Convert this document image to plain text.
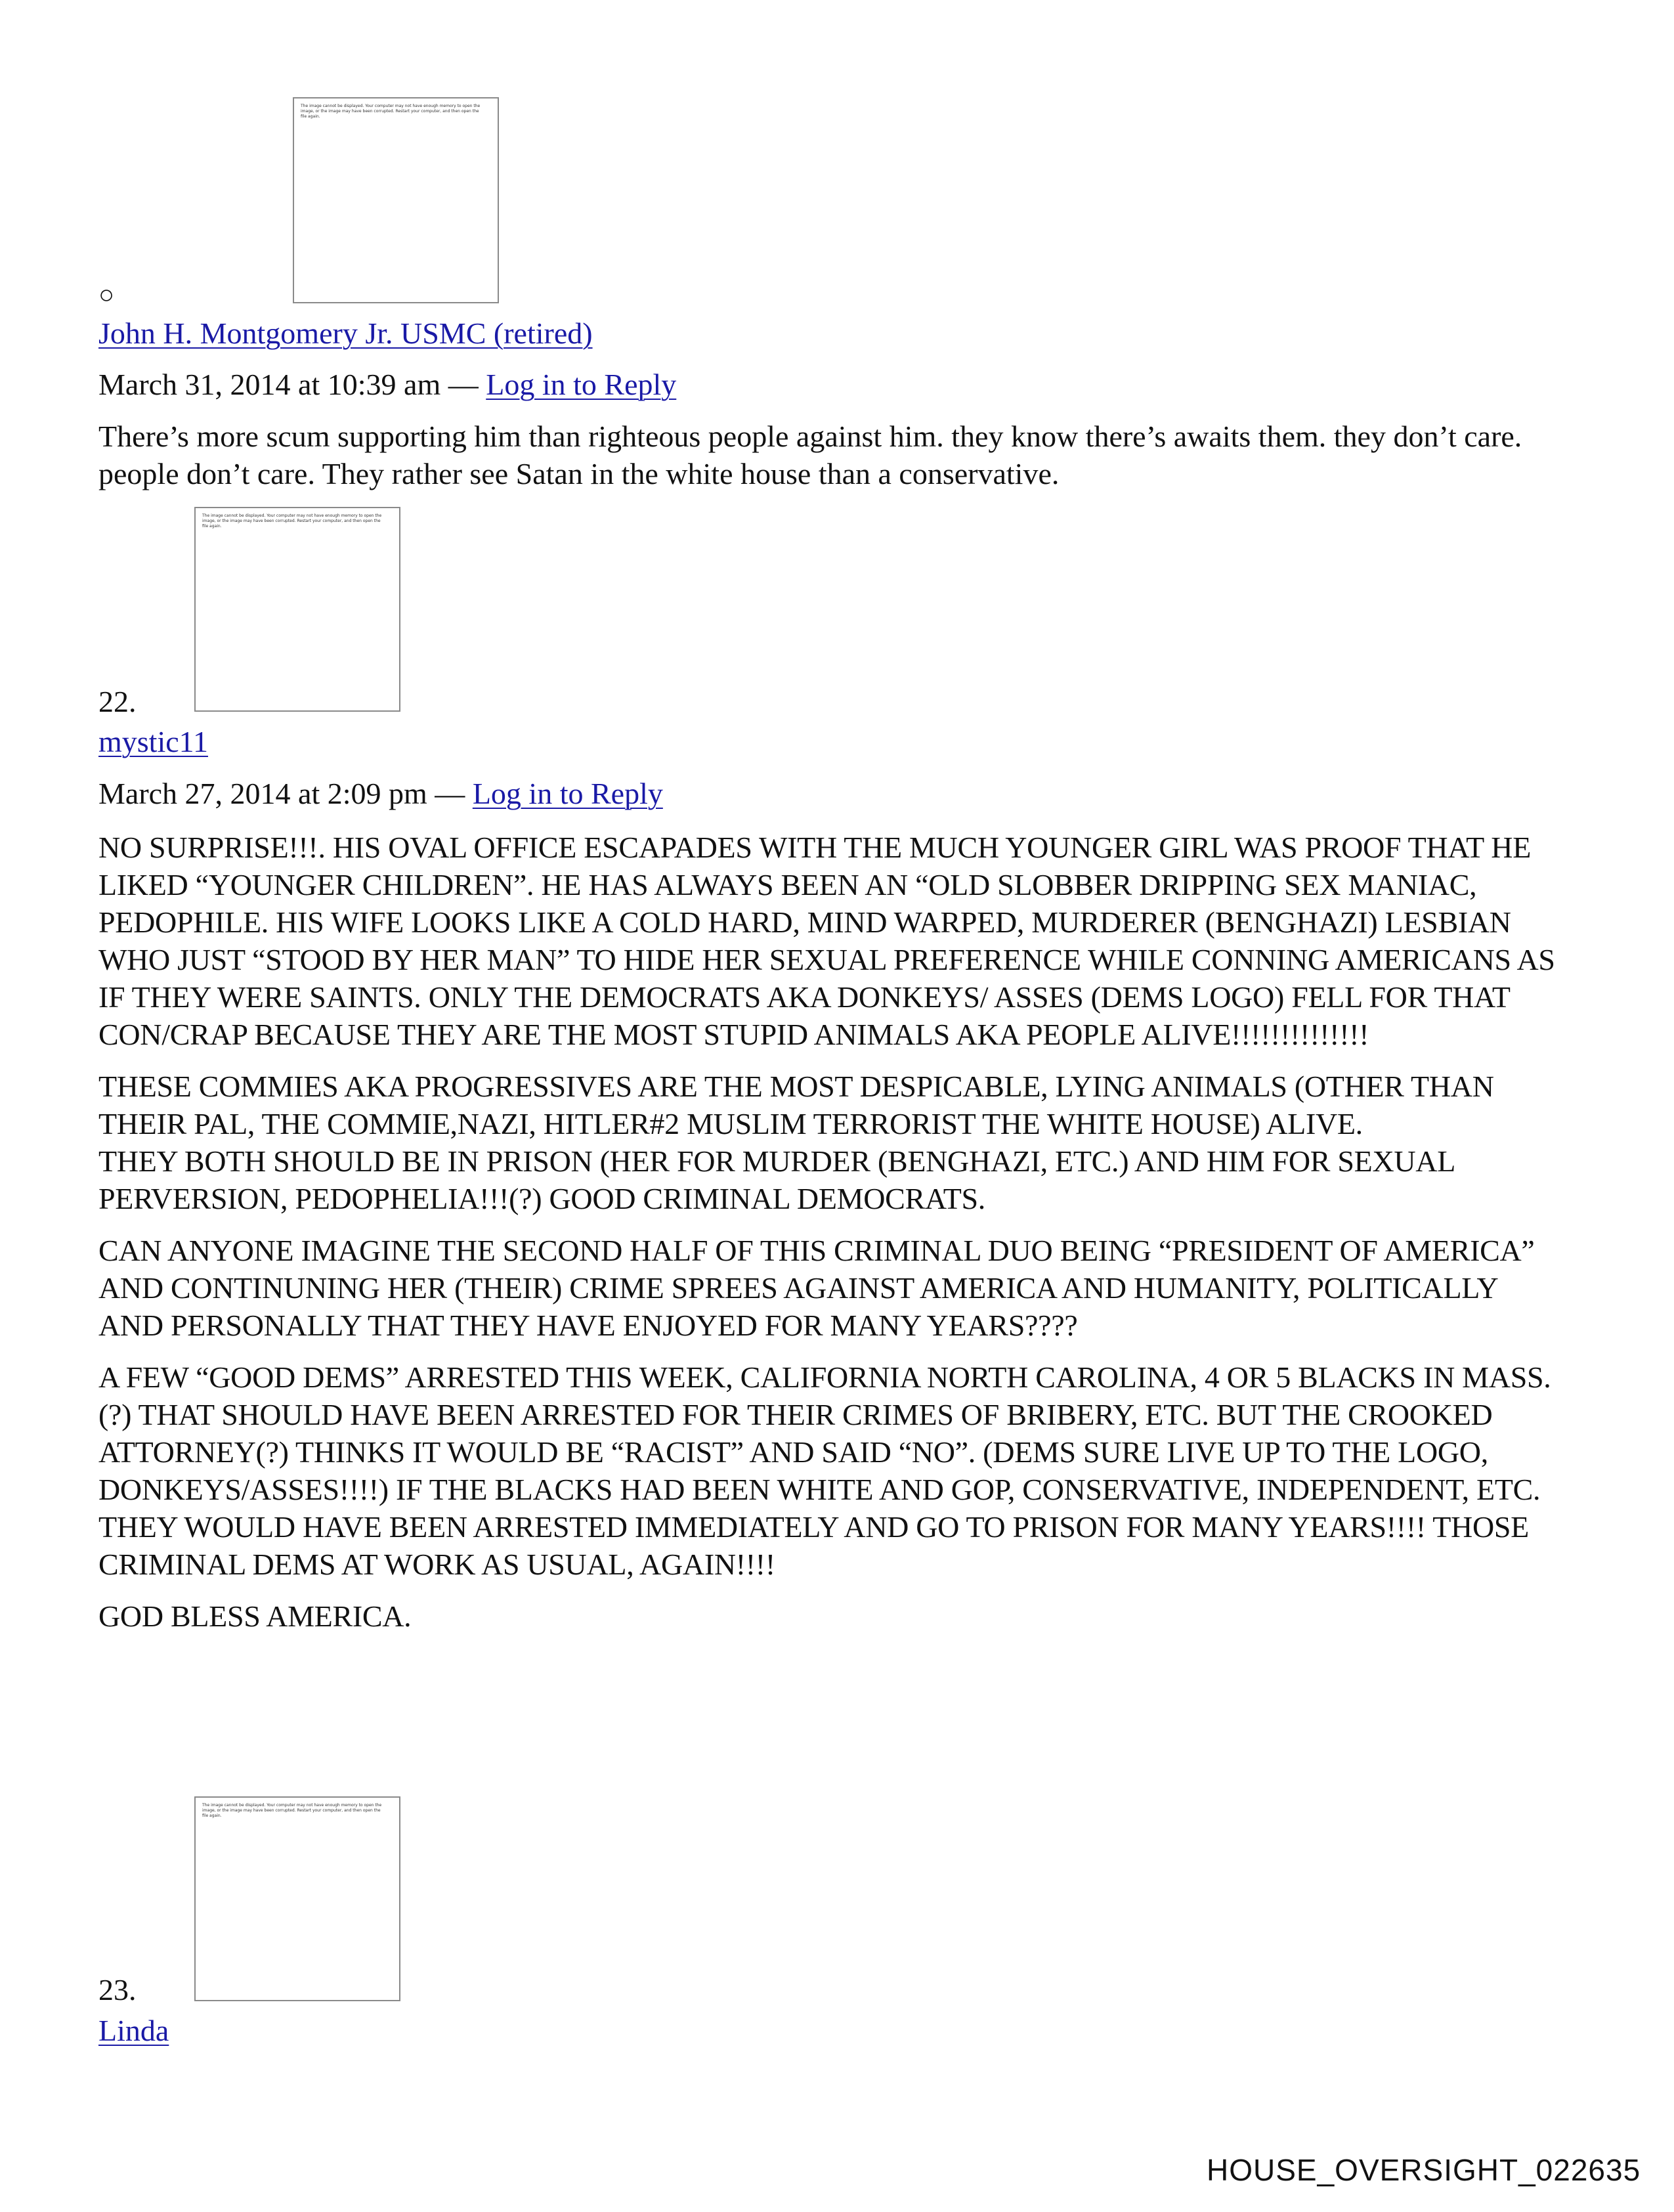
The image cannot be displayed. Your computer may not have enough memory to open the image, or the image may have been corrupted. Restart your computer, and then open the file again.
○
John H. Montgomery Jr. USMC (retired)
March 31, 2014 at 10:39 am — Log in to Reply

There’s more scum supporting him than righteous people against him. they know there’s awaits them. they don’t care. people don’t care. They rather see Satan in the white house than a conservative.

The image cannot be displayed. Your computer may not have enough memory to open the image, or the image may have been corrupted. Restart your computer, and then open the file again.
22.
mystic11
March 27, 2014 at 2:09 pm — Log in to Reply

NO SURPRISE!!!. HIS OVAL OFFICE ESCAPADES WITH THE MUCH YOUNGER GIRL WAS PROOF THAT HE LIKED “YOUNGER CHILDREN”. HE HAS ALWAYS BEEN AN “OLD SLOBBER DRIPPING SEX MANIAC, PEDOPHILE. HIS WIFE LOOKS LIKE A COLD HARD, MIND WARPED, MURDERER (BENGHAZI) LESBIAN WHO JUST “STOOD BY HER MAN” TO HIDE HER SEXUAL PREFERENCE WHILE CONNING AMERICANS AS IF THEY WERE SAINTS. ONLY THE DEMOCRATS AKA DONKEYS/ ASSES (DEMS LOGO) FELL FOR THAT CON/CRAP BECAUSE THEY ARE THE MOST STUPID ANIMALS AKA PEOPLE ALIVE!!!!!!!!!!!!!!

THESE COMMIES AKA PROGRESSIVES ARE THE MOST DESPICABLE, LYING ANIMALS (OTHER THAN THEIR PAL, THE COMMIE,NAZI, HITLER#2 MUSLIM TERRORIST THE WHITE HOUSE) ALIVE.

THEY BOTH SHOULD BE IN PRISON (HER FOR MURDER (BENGHAZI, ETC.) AND HIM FOR SEXUAL PERVERSION, PEDOPHELIA!!!(?) GOOD CRIMINAL DEMOCRATS.

CAN ANYONE IMAGINE THE SECOND HALF OF THIS CRIMINAL DUO BEING “PRESIDENT OF AMERICA” AND CONTINUNING HER (THEIR) CRIME SPREES AGAINST AMERICA AND HUMANITY, POLITICALLY AND PERSONALLY THAT THEY HAVE ENJOYED FOR MANY YEARS????

A FEW “GOOD DEMS” ARRESTED THIS WEEK, CALIFORNIA NORTH CAROLINA, 4 OR 5 BLACKS IN MASS.(?) THAT SHOULD HAVE BEEN ARRESTED FOR THEIR CRIMES OF BRIBERY, ETC. BUT THE CROOKED ATTORNEY(?) THINKS IT WOULD BE “RACIST” AND SAID “NO”. (DEMS SURE LIVE UP TO THE LOGO, DONKEYS/ASSES!!!!) IF THE BLACKS HAD BEEN WHITE AND GOP, CONSERVATIVE, INDEPENDENT, ETC. THEY WOULD HAVE BEEN ARRESTED IMMEDIATELY AND GO TO PRISON FOR MANY YEARS!!!! THOSE CRIMINAL DEMS AT WORK AS USUAL, AGAIN!!!!

GOD BLESS AMERICA.

The image cannot be displayed. Your computer may not have enough memory to open the image, or the image may have been corrupted. Restart your computer, and then open the file again.
23.
Linda
HOUSE_OVERSIGHT_022635
